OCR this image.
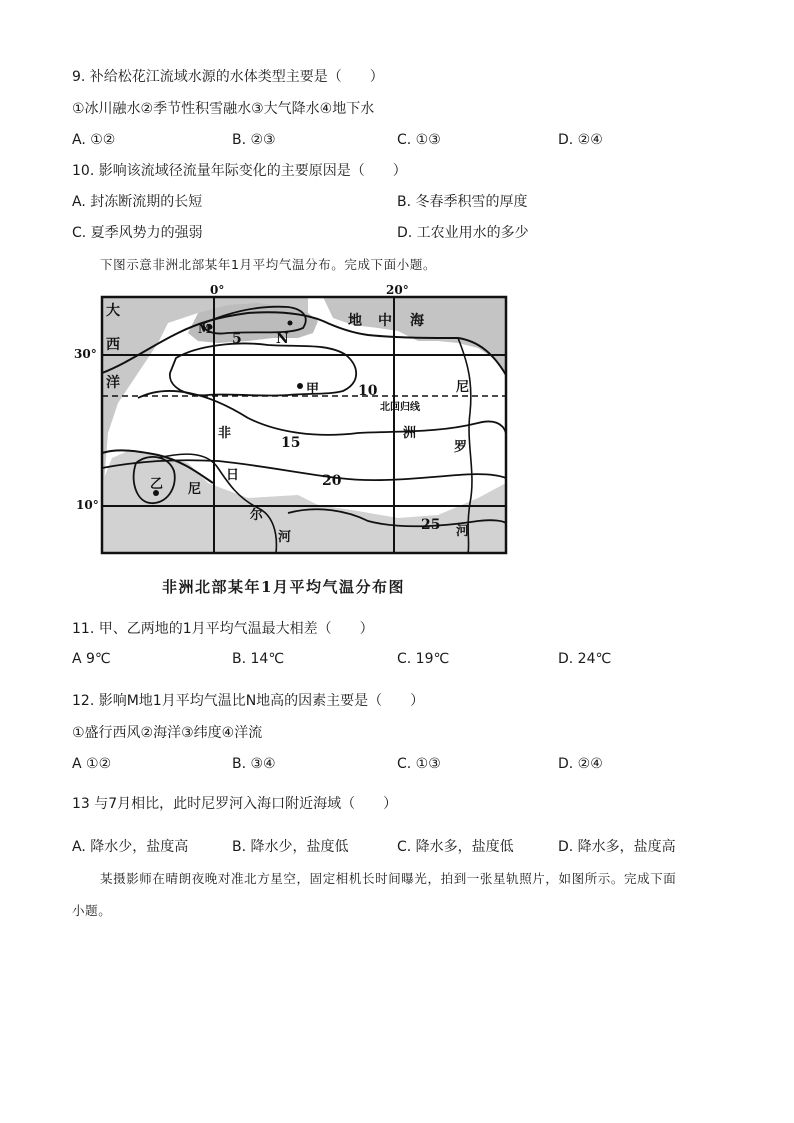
9. 补给松花江流域水源的水体类型主要是（　　）
①冰川融水②季节性积雪融水③大气降水④地下水
A. ①②	B. ②③	C. ①③	D. ②④
10. 影响该流域径流量年际变化的主要原因是（　　）
A. 封冻断流期的长短	B. 冬春季积雪的厚度
C. 夏季风势力的强弱	D. 工农业用水的多少
下图示意非洲北部某年1月平均气温分布。完成下面小题。
0°	20°
30°
10°
大
西
洋
地 中 海
M
N
甲
乙
5
10
15
20
25
北回归线
非	洲
尼
罗
河
尼
日
尔
河
非洲北部某年1月平均气温分布图
11. 甲、乙两地的1月平均气温最大相差（　　）
A 9℃	B. 14℃	C. 19℃	D. 24℃
12. 影响M地1月平均气温比N地高的因素主要是（　　）
①盛行西风②海洋③纬度④洋流
A ①②	B. ③④	C. ①③	D. ②④
13 与7月相比，此时尼罗河入海口附近海域（　　）
A. 降水少，盐度高	B. 降水少，盐度低	C. 降水多，盐度低	D. 降水多，盐度高
某摄影师在晴朗夜晚对准北方星空，固定相机长时间曝光，拍到一张星轨照片，如图所示。完成下面
小题。
